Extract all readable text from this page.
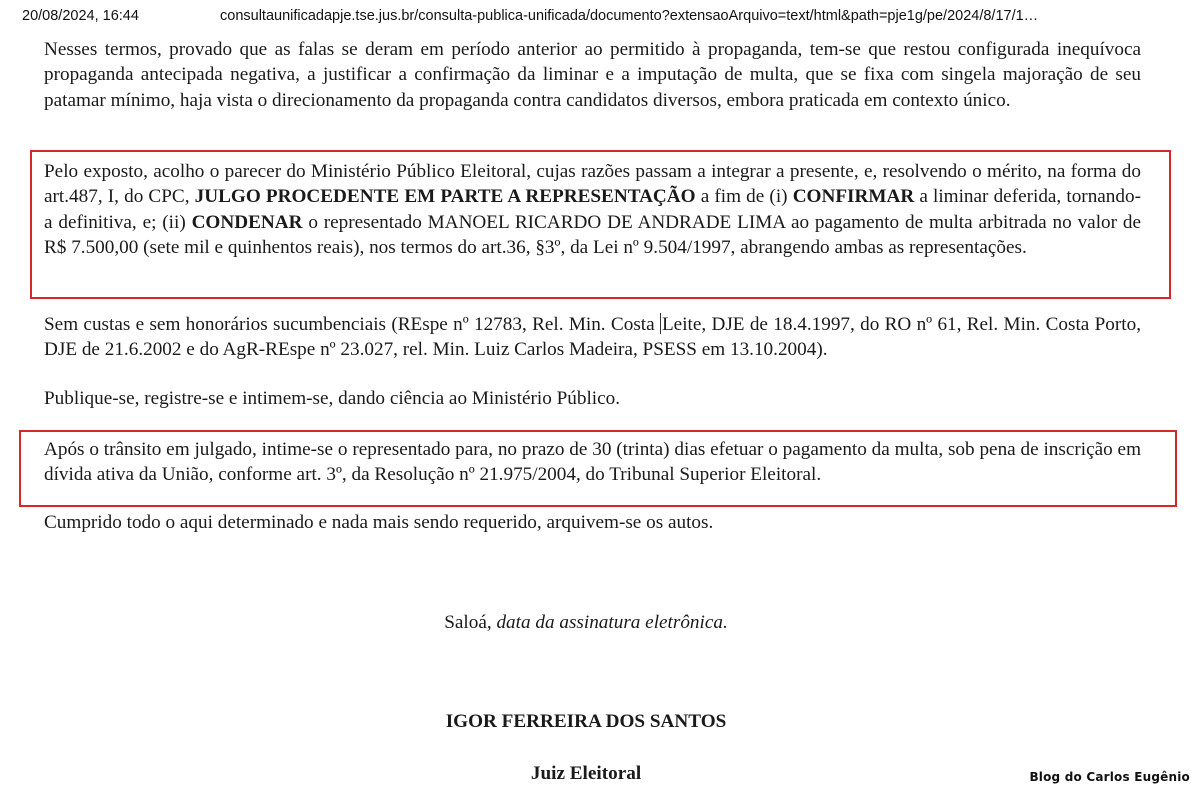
20/08/2024, 16:44	consultaunificadapje.tse.jus.br/consulta-publica-unificada/documento?extensaoArquivo=text/html&path=pje1g/pe/2024/8/17/1…

Nesses termos, provado que as falas se deram em período anterior ao permitido à propaganda, tem-se que restou configurada inequívoca propaganda antecipada negativa, a justificar a confirmação da liminar e a imputação de multa, que se fixa com singela majoração de seu patamar mínimo, haja vista o direcionamento da propaganda contra candidatos diversos, embora praticada em contexto único.

Pelo exposto, acolho o parecer do Ministério Público Eleitoral, cujas razões passam a integrar a presente, e, resolvendo o mérito, na forma do art.487, I, do CPC, JULGO PROCEDENTE EM PARTE A REPRESENTAÇÃO a fim de (i) CONFIRMAR a liminar deferida, tornando-a definitiva, e; (ii) CONDENAR o representado MANOEL RICARDO DE ANDRADE LIMA ao pagamento de multa arbitrada no valor de R$ 7.500,00 (sete mil e quinhentos reais), nos termos do art.36, §3º, da Lei nº 9.504/1997, abrangendo ambas as representações.

Sem custas e sem honorários sucumbenciais (REspe nº 12783, Rel. Min. Costa Leite, DJE de 18.4.1997, do RO nº 61, Rel. Min. Costa Porto, DJE de 21.6.2002 e do AgR-REspe nº 23.027, rel. Min. Luiz Carlos Madeira, PSESS em 13.10.2004).

Publique-se, registre-se e intimem-se, dando ciência ao Ministério Público.

Após o trânsito em julgado, intime-se o representado para, no prazo de 30 (trinta) dias efetuar o pagamento da multa, sob pena de inscrição em dívida ativa da União, conforme art. 3º, da Resolução nº 21.975/2004, do Tribunal Superior Eleitoral.

Cumprido todo o aqui determinado e nada mais sendo requerido, arquivem-se os autos.

Saloá, data da assinatura eletrônica.
IGOR FERREIRA DOS SANTOS
Juiz Eleitoral	Blog do Carlos Eugênio
